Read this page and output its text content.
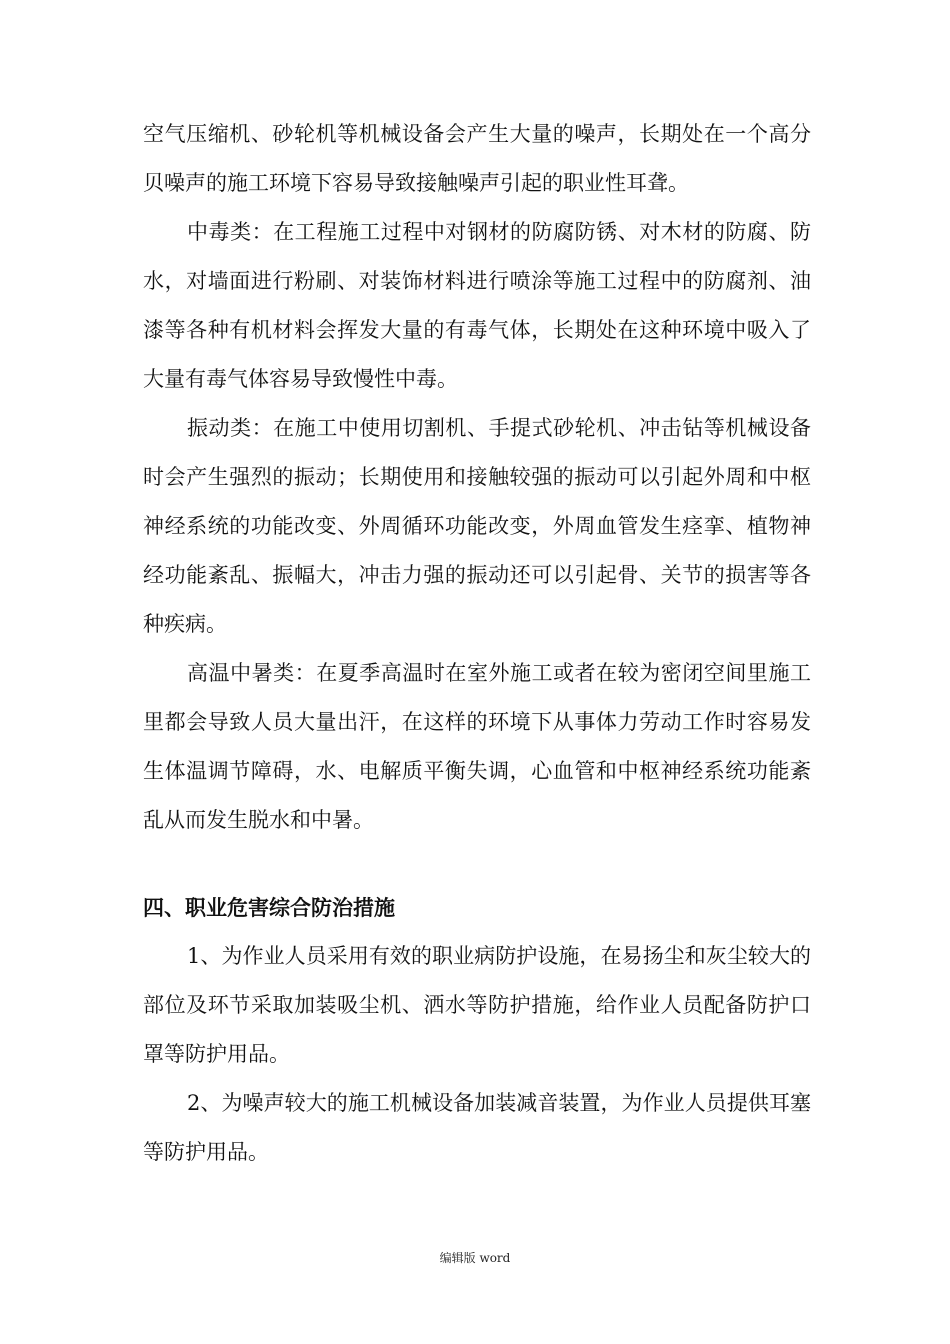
空气压缩机、砂轮机等机械设备会产生大量的噪声，长期处在一个高分贝噪声的施工环境下容易导致接触噪声引起的职业性耳聋。

中毒类：在工程施工过程中对钢材的防腐防锈、对木材的防腐、防水，对墙面进行粉刷、对装饰材料进行喷涂等施工过程中的防腐剂、油漆等各种有机材料会挥发大量的有毒气体，长期处在这种环境中吸入了大量有毒气体容易导致慢性中毒。

振动类：在施工中使用切割机、手提式砂轮机、冲击钻等机械设备时会产生强烈的振动；长期使用和接触较强的振动可以引起外周和中枢神经系统的功能改变、外周循环功能改变，外周血管发生痉挛、植物神经功能紊乱、振幅大，冲击力强的振动还可以引起骨、关节的损害等各种疾病。

高温中暑类：在夏季高温时在室外施工或者在较为密闭空间里施工里都会导致人员大量出汗，在这样的环境下从事体力劳动工作时容易发生体温调节障碍，水、电解质平衡失调，心血管和中枢神经系统功能紊乱从而发生脱水和中暑。

四、职业危害综合防治措施

1、为作业人员采用有效的职业病防护设施，在易扬尘和灰尘较大的部位及环节采取加装吸尘机、洒水等防护措施，给作业人员配备防护口罩等防护用品。

2、为噪声较大的施工机械设备加装减音装置，为作业人员提供耳塞等防护用品。

编辑版 word
